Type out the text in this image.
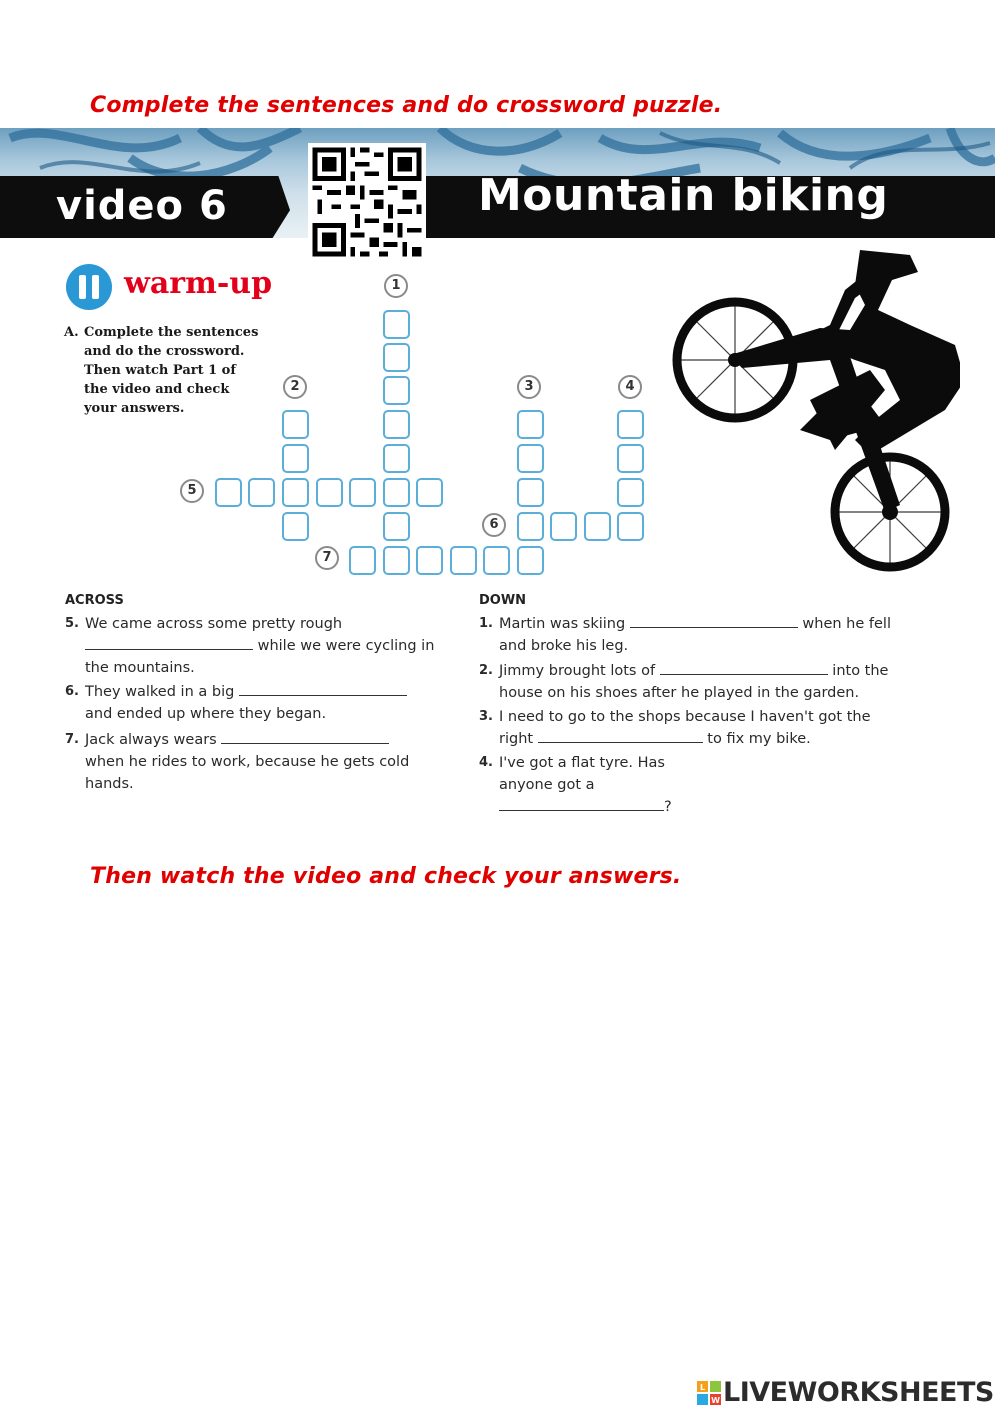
Complete the sentences and do crossword puzzle.
video 6	Mountain biking
warm-up
A. Complete the sentences and do the crossword. Then watch Part 1 of the video and check your answers.
1
2	3	4
5
6
7
ACROSS
5. We came across some pretty rough
while we were cycling in the mountains.
6. They walked in a big
and ended up where they began.
7. Jack always wears
when he rides to work, because he gets cold hands.
DOWN
1. Martin was skiing	when he fell and broke his leg.
2. Jimmy brought lots of	into the house on his shoes after he played in the garden.
3. I need to go to the shops because I haven't got the right	to fix my bike.
4. I've got a flat tyre. Has anyone got a ?
Then watch the video and check your answers.
L
W LIVEWORKSHEETS
